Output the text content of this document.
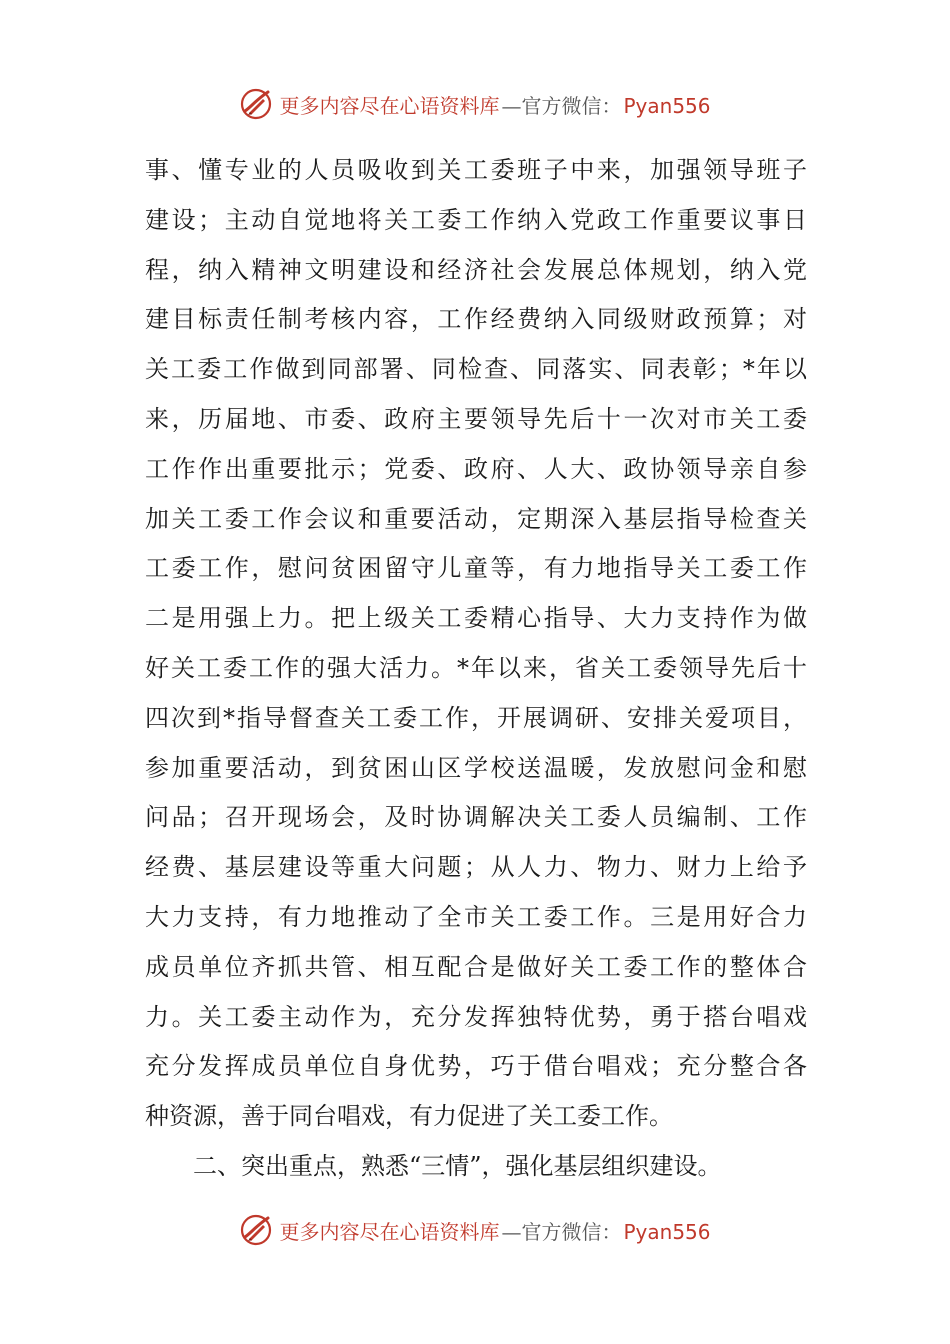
更多内容尽在心语资料库 —官方微信： Pyan556
事、懂专业的人员吸收到关工委班子中来，加强领导班子
建设；主动自觉地将关工委工作纳入党政工作重要议事日
程，纳入精神文明建设和经济社会发展总体规划，纳入党
建目标责任制考核内容，工作经费纳入同级财政预算；对
关工委工作做到同部署、同检查、同落实、同表彰；*年以
来，历届地、市委、政府主要领导先后十一次对市关工委
工作作出重要批示；党委、政府、人大、政协领导亲自参
加关工委工作会议和重要活动，定期深入基层指导检查关
工委工作，慰问贫困留守儿童等，有力地指导关工委工作
二是用强上力。把上级关工委精心指导、大力支持作为做
好关工委工作的强大活力。*年以来，省关工委领导先后十
四次到*指导督查关工委工作，开展调研、安排关爱项目，
参加重要活动，到贫困山区学校送温暖，发放慰问金和慰
问品；召开现场会，及时协调解决关工委人员编制、工作
经费、基层建设等重大问题；从人力、物力、财力上给予
大力支持，有力地推动了全市关工委工作。三是用好合力
成员单位齐抓共管、相互配合是做好关工委工作的整体合
力。关工委主动作为，充分发挥独特优势，勇于搭台唱戏
充分发挥成员单位自身优势，巧于借台唱戏；充分整合各
种资源，善于同台唱戏，有力促进了关工委工作。
二、突出重点，熟悉“三情”，强化基层组织建设。
更多内容尽在心语资料库 —官方微信： Pyan556
